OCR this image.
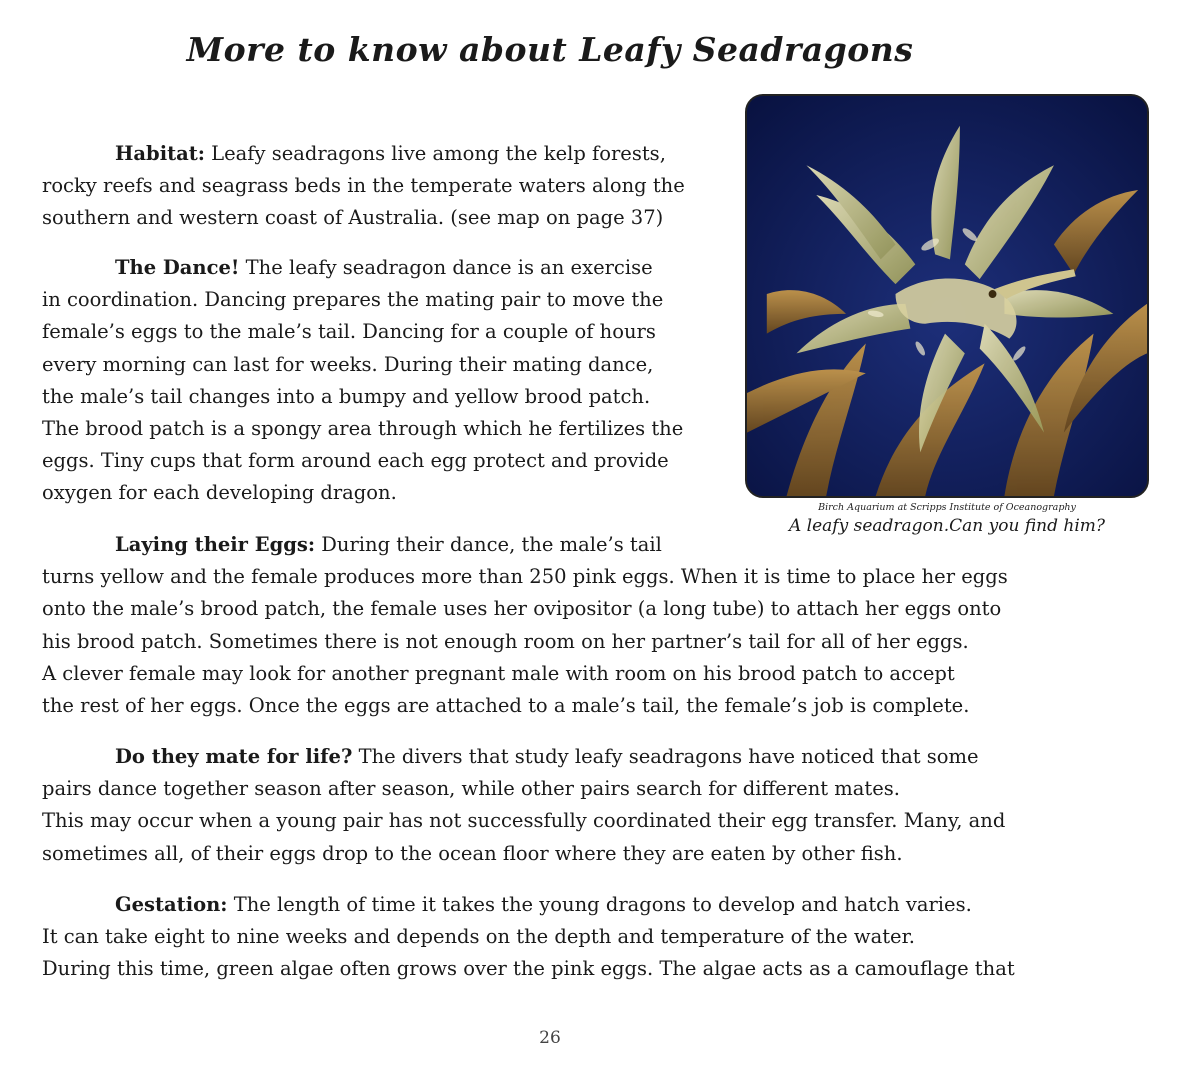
More to know about Leafy Seadragons

Habitat: Leafy seadragons live among the kelp forests,
rocky reefs and seagrass beds in the temperate waters along the
southern and western coast of Australia. (see map on page 37)

The Dance! The leafy seadragon dance is an exercise
in coordination. Dancing prepares the mating pair to move the
female’s eggs to the male’s tail. Dancing for a couple of hours
every morning can last for weeks. During their mating dance,
the male’s tail changes into a bumpy and yellow brood patch.
The brood patch is a spongy area through which he fertilizes the
eggs. Tiny cups that form around each egg protect and provide
oxygen for each developing dragon.

Laying their Eggs: During their dance, the male’s tail
turns yellow and the female produces more than 250 pink eggs. When it is time to place her eggs
onto the male’s brood patch, the female uses her ovipositor (a long tube) to attach her eggs onto
his brood patch. Sometimes there is not enough room on her partner’s tail for all of her eggs.
A clever female may look for another pregnant male with room on his brood patch to accept
the rest of her eggs. Once the eggs are attached to a male’s tail, the female’s job is complete.

Do they mate for life? The divers that study leafy seadragons have noticed that some
pairs dance together season after season, while other pairs search for different mates.
This may occur when a young pair has not successfully coordinated their egg transfer. Many, and
sometimes all, of their eggs drop to the ocean floor where they are eaten by other fish.

Gestation: The length of time it takes the young dragons to develop and hatch varies.
It can take eight to nine weeks and depends on the depth and temperature of the water.
During this time, green algae often grows over the pink eggs. The algae acts as a camouflage that

Birch Aquarium at Scripps Institute of Oceanography

A leafy seadragon.Can you find him?

26
